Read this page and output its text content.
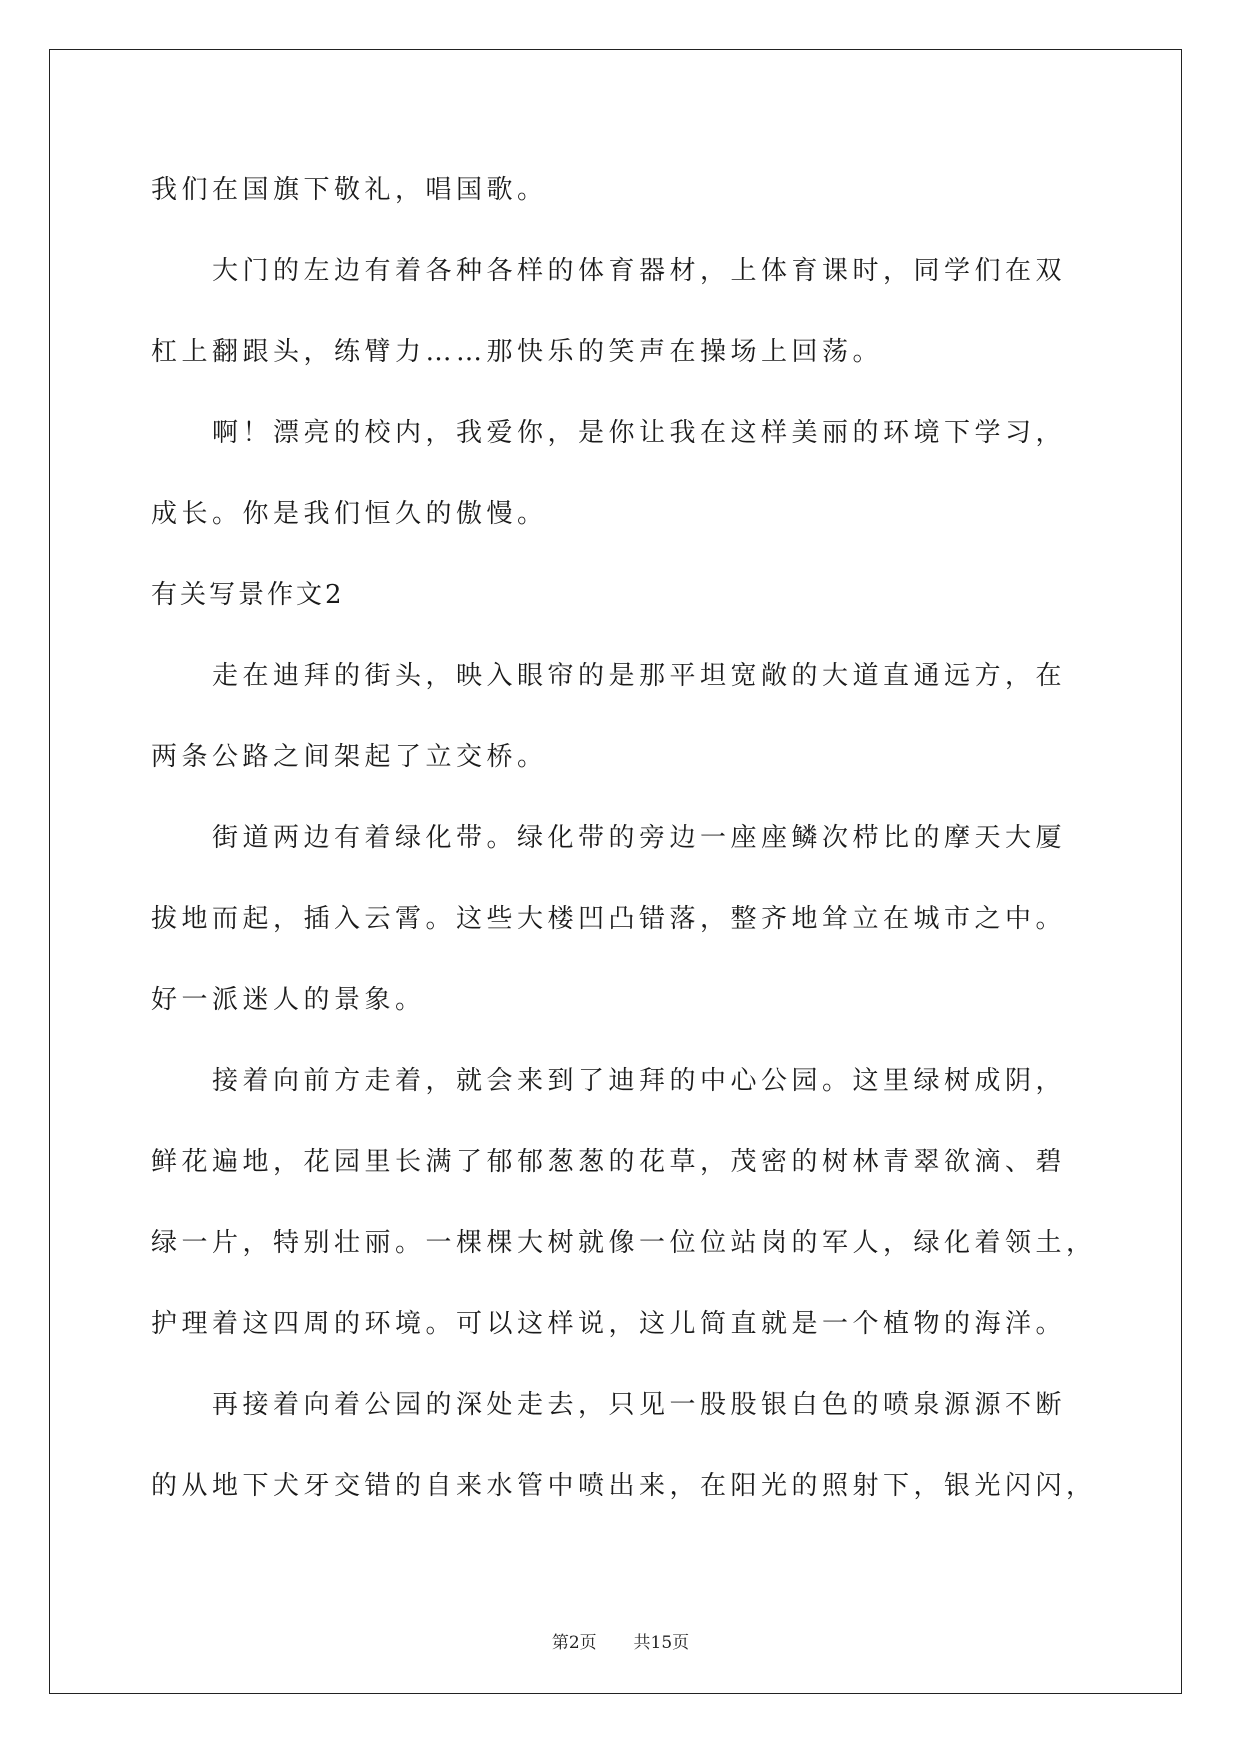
我们在国旗下敬礼，唱国歌。
大门的左边有着各种各样的体育器材，上体育课时，同学们在双
杠上翻跟头，练臂力……那快乐的笑声在操场上回荡。
啊！漂亮的校内，我爱你，是你让我在这样美丽的环境下学习，
成长。你是我们恒久的傲慢。
有关写景作文2
走在迪拜的街头，映入眼帘的是那平坦宽敞的大道直通远方，在
两条公路之间架起了立交桥。
街道两边有着绿化带。绿化带的旁边一座座鳞次栉比的摩天大厦
拔地而起，插入云霄。这些大楼凹凸错落，整齐地耸立在城市之中。
好一派迷人的景象。
接着向前方走着，就会来到了迪拜的中心公园。这里绿树成阴，
鲜花遍地，花园里长满了郁郁葱葱的花草，茂密的树林青翠欲滴、碧
绿一片，特别壮丽。一棵棵大树就像一位位站岗的军人，绿化着领土，
护理着这四周的环境。可以这样说，这儿简直就是一个植物的海洋。
再接着向着公园的深处走去，只见一股股银白色的喷泉源源不断
的从地下犬牙交错的自来水管中喷出来，在阳光的照射下，银光闪闪，
第2页 共15页
